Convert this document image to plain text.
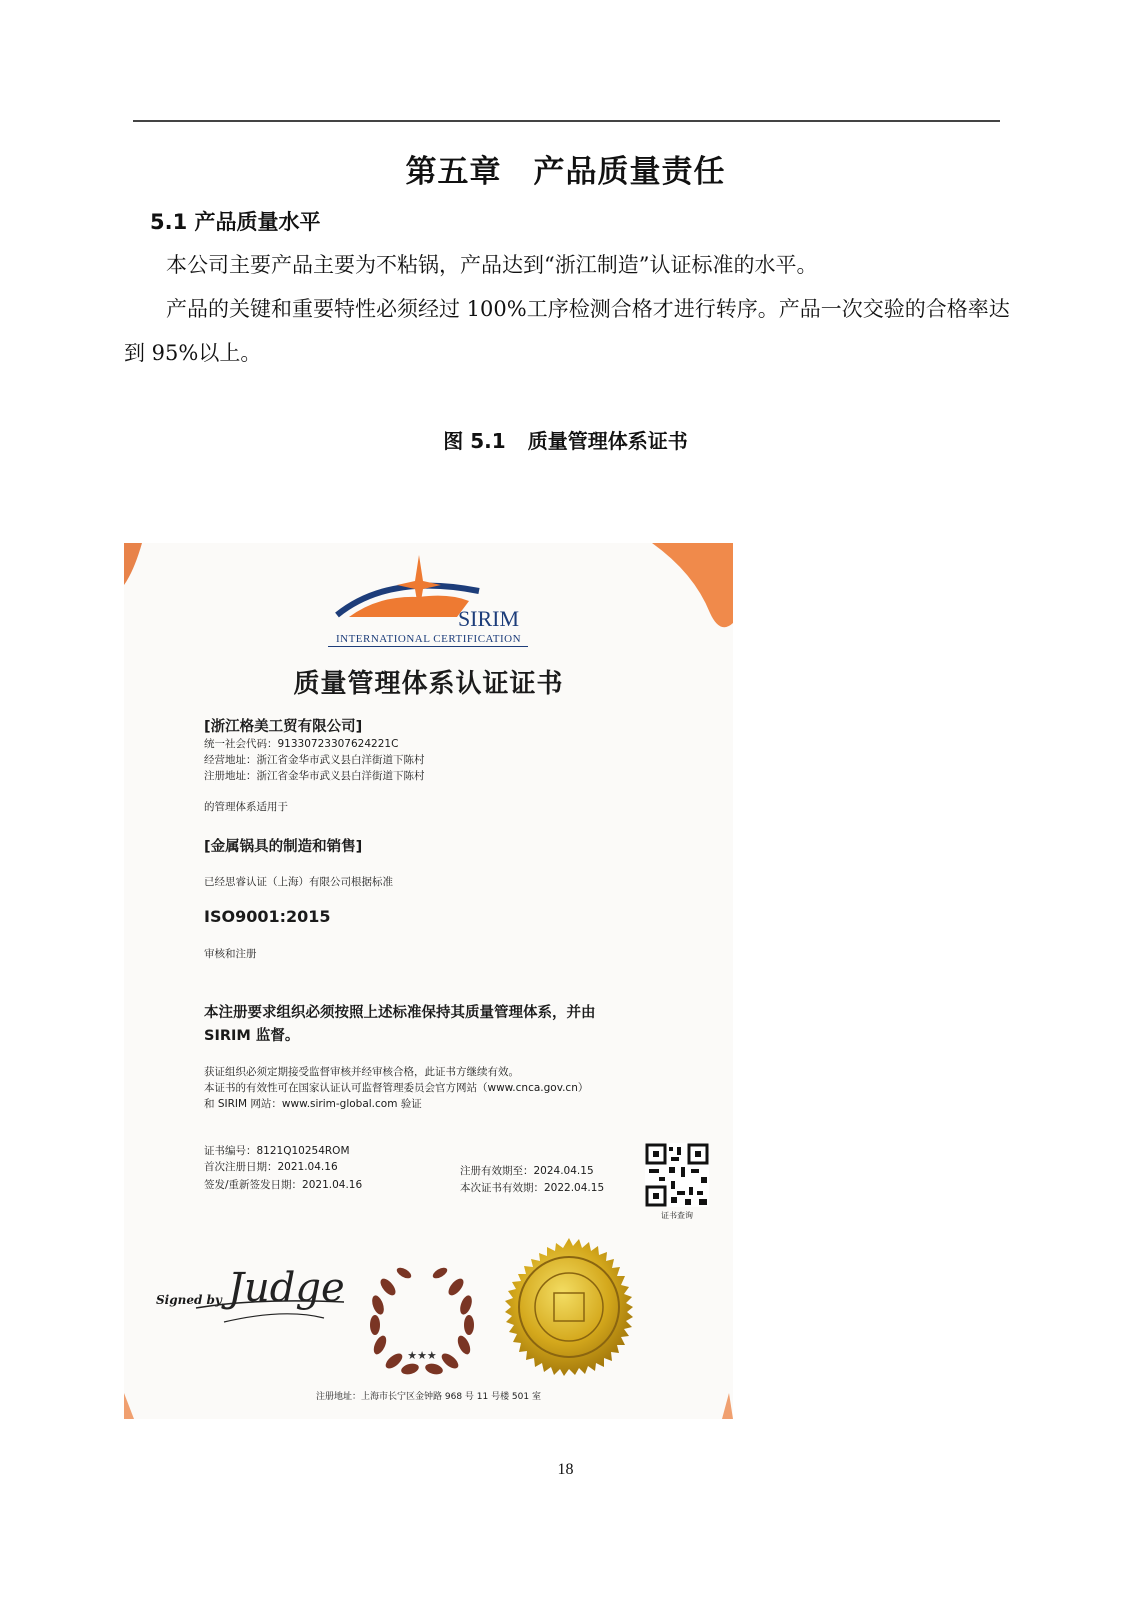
第五章 产品质量责任
5.1 产品质量水平
本公司主要产品主要为不粘锅，产品达到“浙江制造”认证标准的水平。
产品的关键和重要特性必须经过 100%工序检测合格才进行转序。产品一次交验的合格率达到 95%以上。
图 5.1 质量管理体系证书
SIRIM
INTERNATIONAL CERTIFICATION
质量管理体系认证证书
[浙江格美工贸有限公司]
统一社会代码：91330723307624221C
经营地址：浙江省金华市武义县白洋街道下陈村
注册地址：浙江省金华市武义县白洋街道下陈村
的管理体系适用于
[金属锅具的制造和销售]
已经思睿认证（上海）有限公司根据标准
ISO9001:2015
审核和注册
本注册要求组织必须按照上述标准保持其质量管理体系，并由
SIRIM 监督。
获证组织必须定期接受监督审核并经审核合格，此证书方继续有效。
本证书的有效性可在国家认证认可监督管理委员会官方网站（www.cnca.gov.cn）
和 SIRIM 网站：www.sirim-global.com 验证
证书编号：8121Q10254ROM
首次注册日期：2021.04.16
签发/重新签发日期：2021.04.16
注册有效期至：2024.04.15
本次证书有效期：2022.04.15
证书查询
Signed by Judge
★★★
注册地址：上海市长宁区金钟路 968 号 11 号楼 501 室
18
